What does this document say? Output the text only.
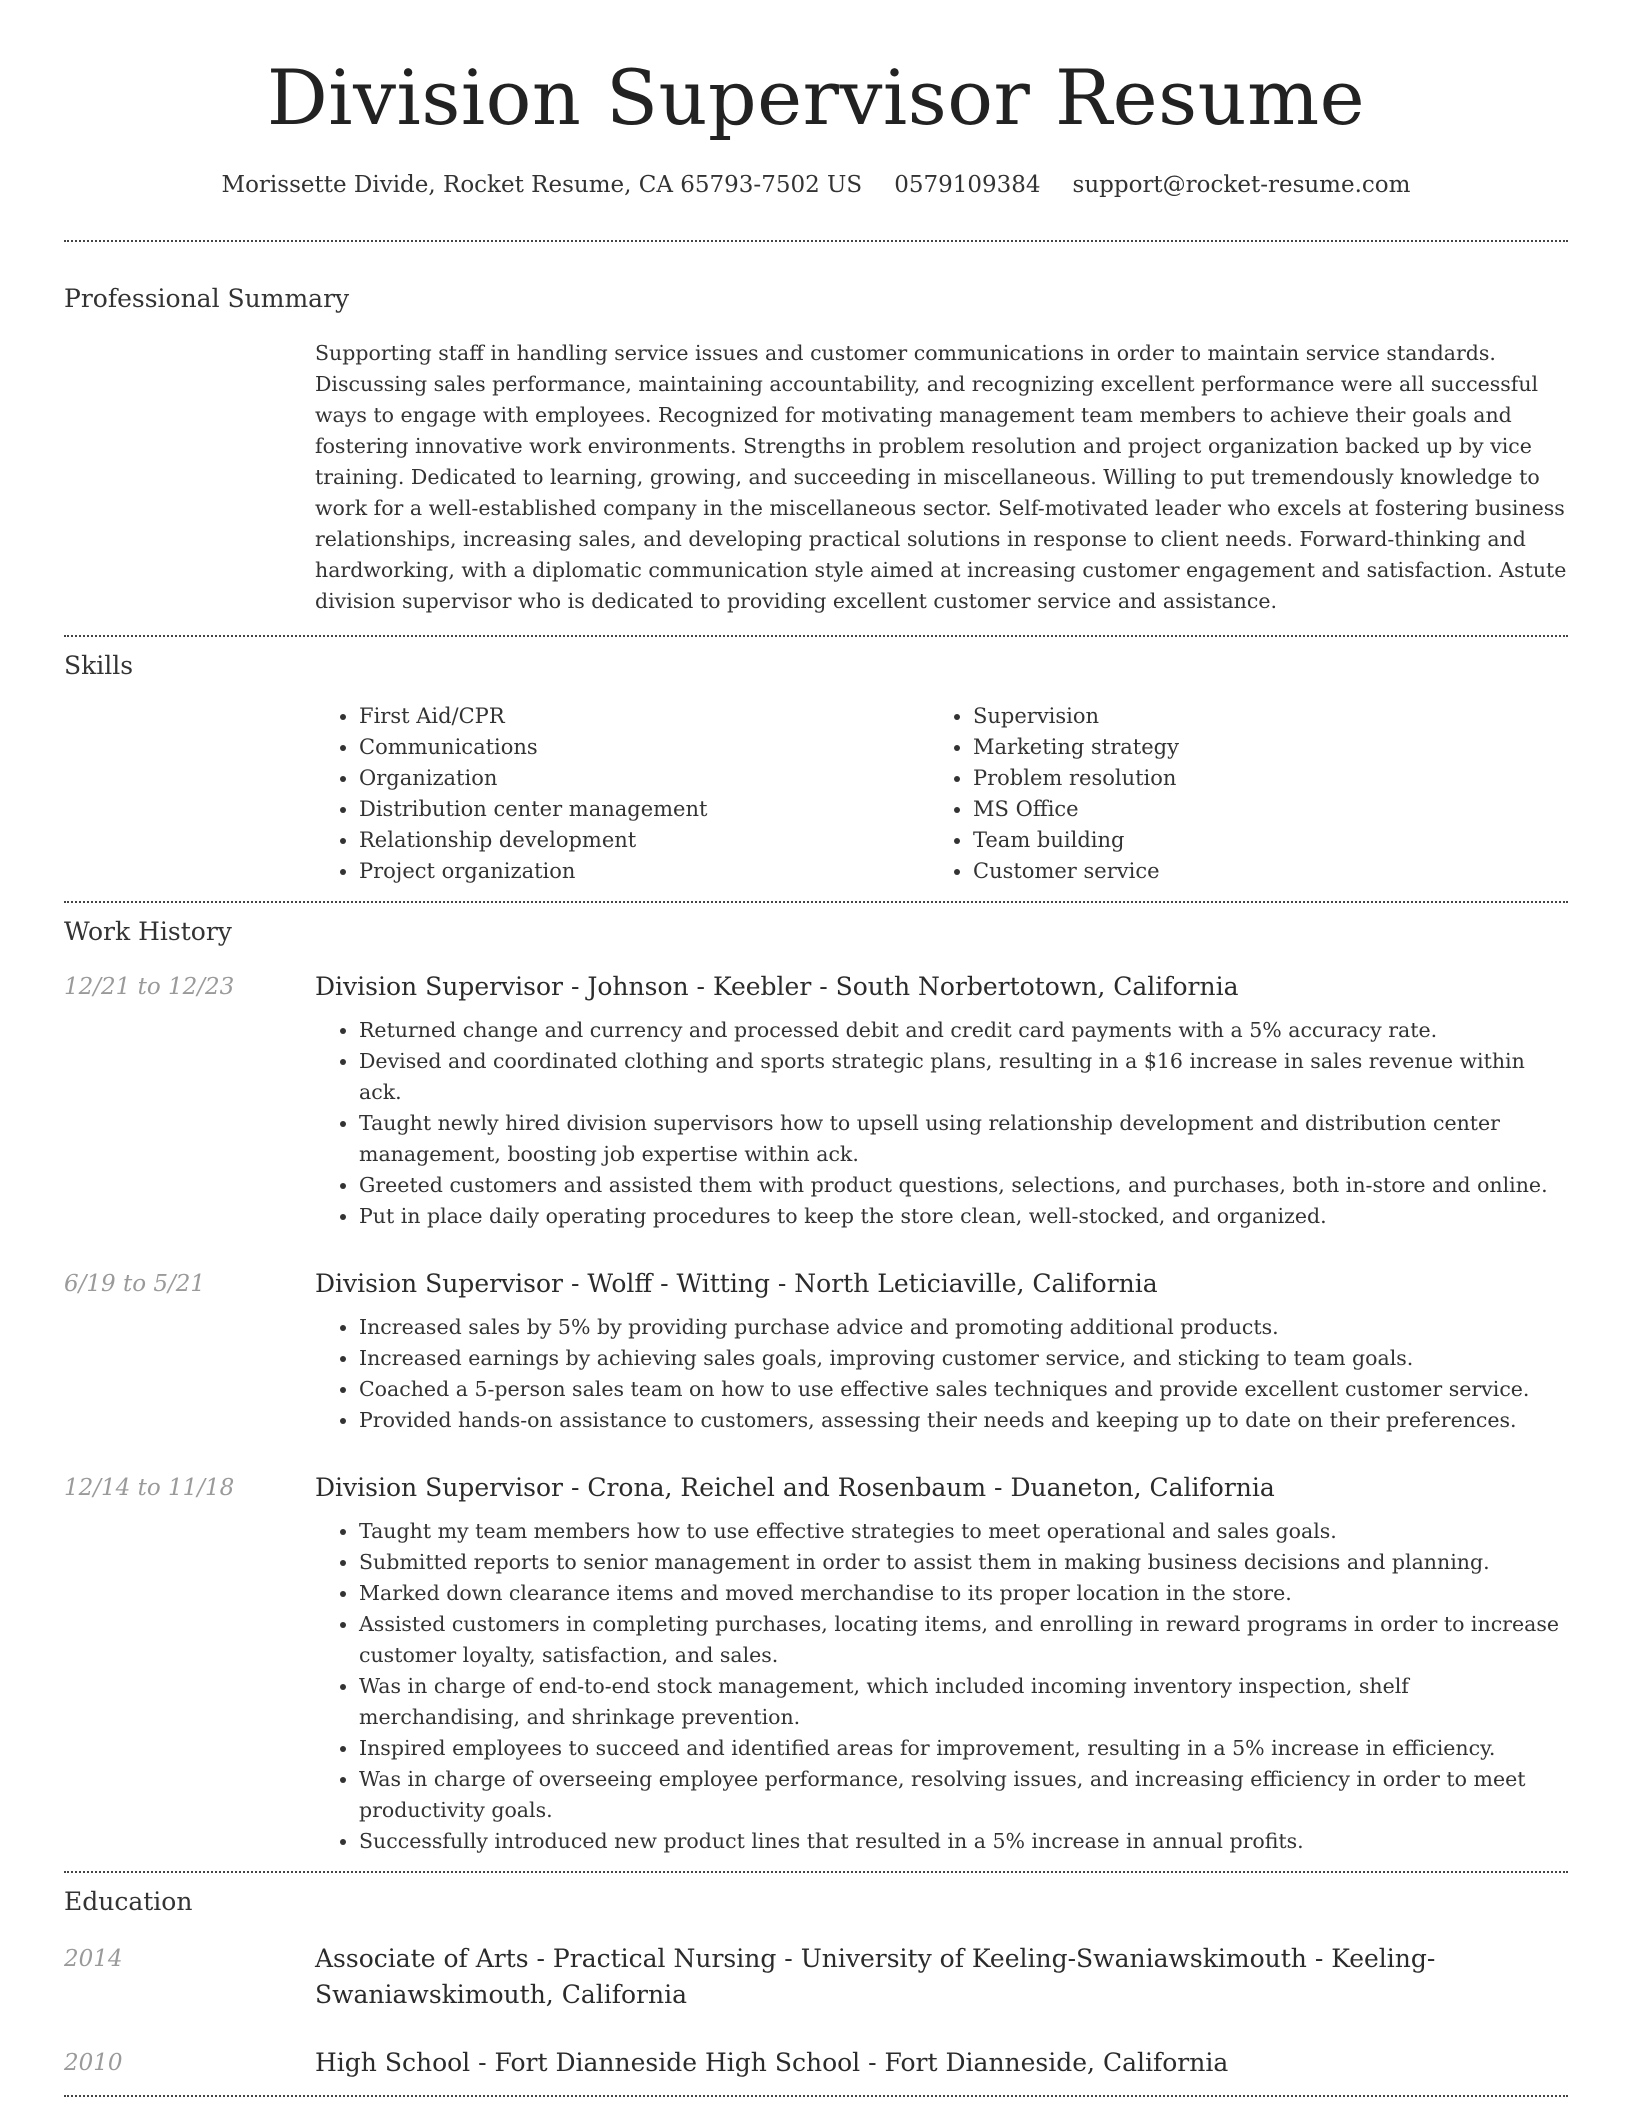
Division Supervisor Resume
Morissette Divide, Rocket Resume, CA 65793-7502 US 0579109384 support@rocket-resume.com
Professional Summary
Supporting staff in handling service issues and customer communications in order to maintain service standards. Discussing sales performance, maintaining accountability, and recognizing excellent performance were all successful ways to engage with employees. Recognized for motivating management team members to achieve their goals and fostering innovative work environments. Strengths in problem resolution and project organization backed up by vice training. Dedicated to learning, growing, and succeeding in miscellaneous. Willing to put tremendously knowledge to work for a well-established company in the miscellaneous sector. Self-motivated leader who excels at fostering business relationships, increasing sales, and developing practical solutions in response to client needs. Forward-thinking and hardworking, with a diplomatic communication style aimed at increasing customer engagement and satisfaction. Astute division supervisor who is dedicated to providing excellent customer service and assistance.
Skills
• First Aid/CPR
• Communications
• Organization
• Distribution center management
• Relationship development
• Project organization
• Supervision
• Marketing strategy
• Problem resolution
• MS Office
• Team building
• Customer service
Work History
12/21 to 12/23	Division Supervisor - Johnson - Keebler - South Norbertotown, California
• Returned change and currency and processed debit and credit card payments with a 5% accuracy rate.
• Devised and coordinated clothing and sports strategic plans, resulting in a $16 increase in sales revenue within ack.
• Taught newly hired division supervisors how to upsell using relationship development and distribution center management, boosting job expertise within ack.
• Greeted customers and assisted them with product questions, selections, and purchases, both in-store and online.
• Put in place daily operating procedures to keep the store clean, well-stocked, and organized.
6/19 to 5/21	Division Supervisor - Wolff - Witting - North Leticiaville, California
• Increased sales by 5% by providing purchase advice and promoting additional products.
• Increased earnings by achieving sales goals, improving customer service, and sticking to team goals.
• Coached a 5-person sales team on how to use effective sales techniques and provide excellent customer service.
• Provided hands-on assistance to customers, assessing their needs and keeping up to date on their preferences.
12/14 to 11/18	Division Supervisor - Crona, Reichel and Rosenbaum - Duaneton, California
• Taught my team members how to use effective strategies to meet operational and sales goals.
• Submitted reports to senior management in order to assist them in making business decisions and planning.
• Marked down clearance items and moved merchandise to its proper location in the store.
• Assisted customers in completing purchases, locating items, and enrolling in reward programs in order to increase customer loyalty, satisfaction, and sales.
• Was in charge of end-to-end stock management, which included incoming inventory inspection, shelf merchandising, and shrinkage prevention.
• Inspired employees to succeed and identified areas for improvement, resulting in a 5% increase in efficiency.
• Was in charge of overseeing employee performance, resolving issues, and increasing efficiency in order to meet productivity goals.
• Successfully introduced new product lines that resulted in a 5% increase in annual profits.
Education
2014	Associate of Arts - Practical Nursing - University of Keeling-Swaniawskimouth - Keeling-Swaniawskimouth, California
2010	High School - Fort Dianneside High School - Fort Dianneside, California
